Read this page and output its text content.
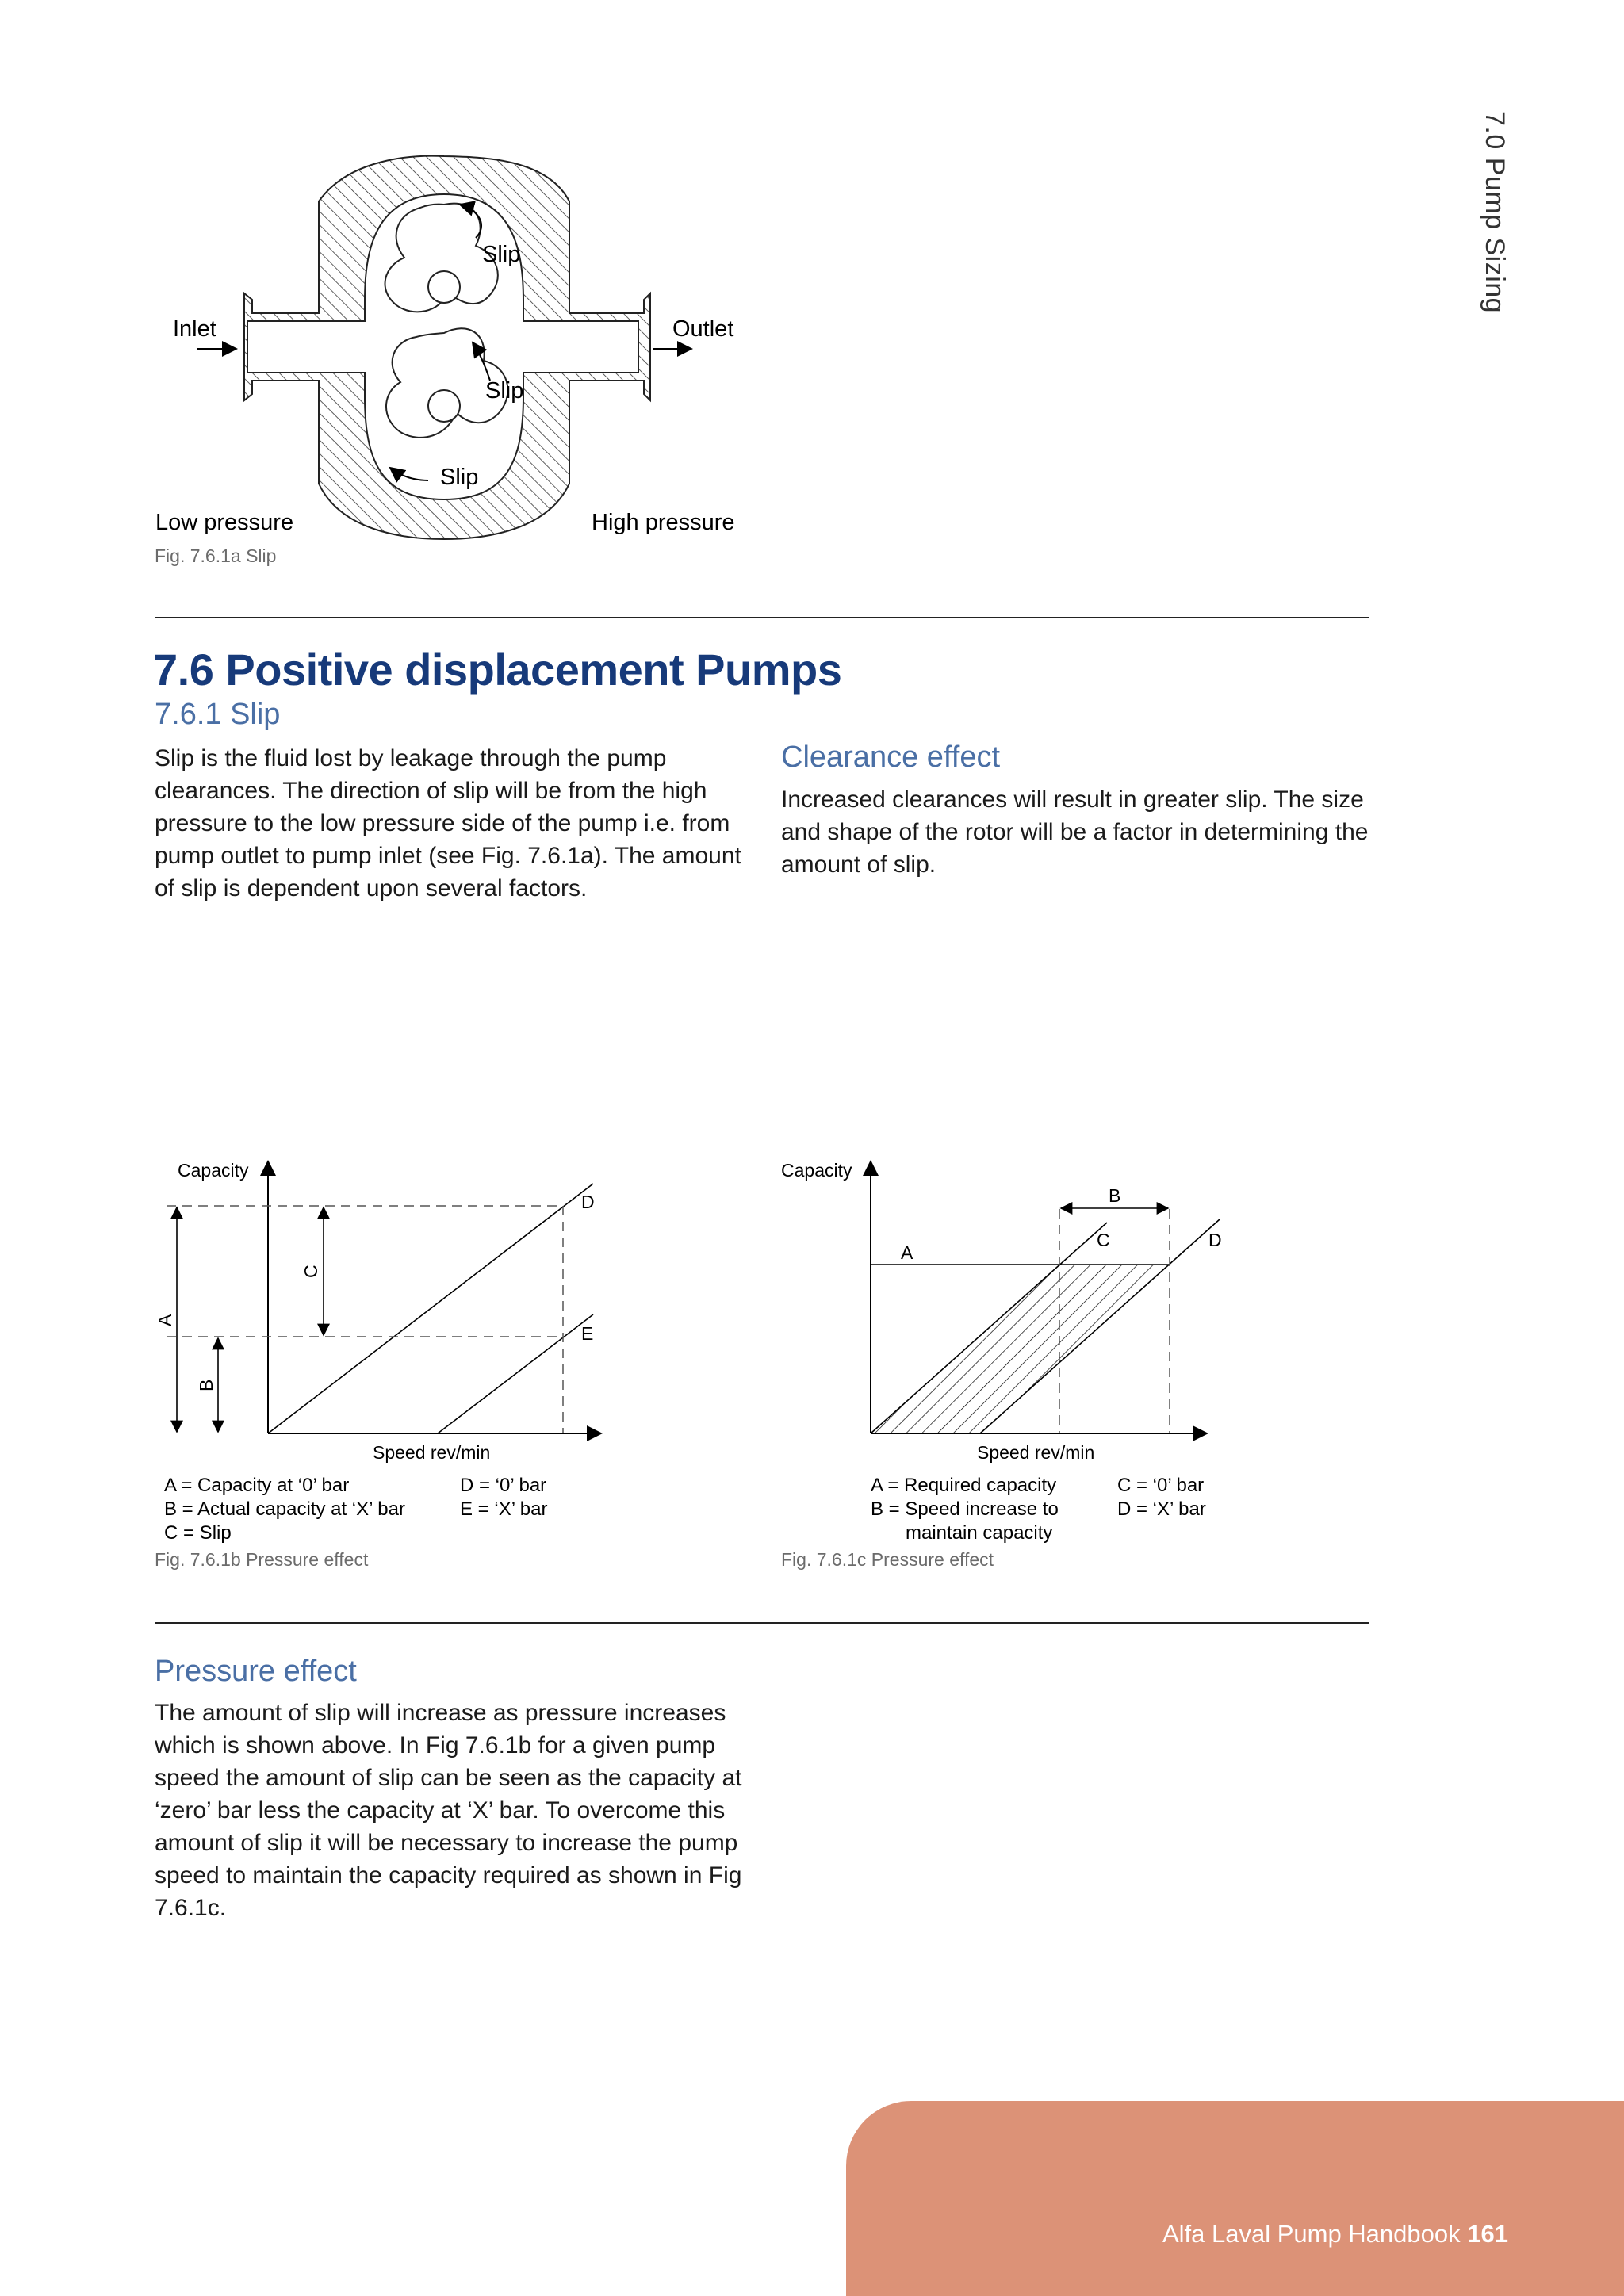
7.0 Pump Sizing
Inlet	Outlet
Slip
Slip
Slip
Low pressure	High pressure
Fig. 7.6.1a Slip
7.6 Positive displacement Pumps
7.6.1 Slip
Slip is the fluid lost by leakage through the pump clearances. The direction of slip will be from the high pressure to the low pressure side of the pump i.e. from pump outlet to pump inlet (see Fig. 7.6.1a). The amount of slip is dependent upon several factors.
Clearance effect
Increased clearances will result in greater slip. The size and shape of the rotor will be a factor in determining the amount of slip.
Capacity
Speed rev/min
D
E
A
B
C
A = Capacity at ‘0’ bar
B = Actual capacity at ‘X’ bar
C = Slip
D = ‘0’ bar
E = ‘X’ bar
Fig. 7.6.1b Pressure effect
Capacity
Speed rev/min
A
B
C	D
A = Required capacity
B = Speed increase to
maintain capacity
C = ‘0’ bar
D = ‘X’ bar
Fig. 7.6.1c Pressure effect
Pressure effect
The amount of slip will increase as pressure increases which is shown above. In Fig 7.6.1b for a given pump speed the amount of slip can be seen as the capacity at ‘zero’ bar less the capacity at ‘X’ bar. To overcome this amount of slip it will be necessary to increase the pump speed to maintain the capacity required as shown in Fig 7.6.1c.
Alfa Laval Pump Handbook 161
